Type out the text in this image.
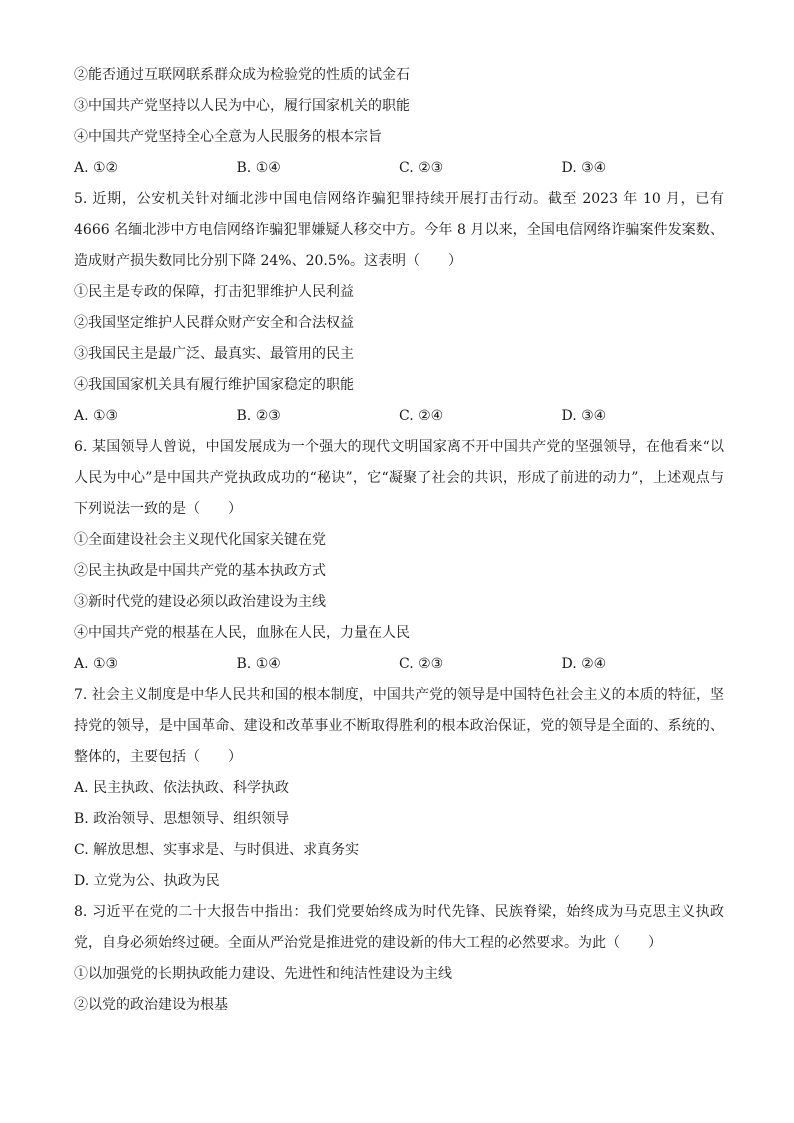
②能否通过互联网联系群众成为检验党的性质的试金石
③中国共产党坚持以人民为中心，履行国家机关的职能
④中国共产党坚持全心全意为人民服务的根本宗旨
A. ①②	B. ①④	C. ②③	D. ③④
5. 近期，公安机关针对缅北涉中国电信网络诈骗犯罪持续开展打击行动。截至 2023 年 10 月，已有 4666 名缅北涉中方电信网络诈骗犯罪嫌疑人移交中方。今年 8 月以来，全国电信网络诈骗案件发案数、造成财产损失数同比分别下降 24%、20.5%。这表明（　　）
①民主是专政的保障，打击犯罪维护人民利益
②我国坚定维护人民群众财产安全和合法权益
③我国民主是最广泛、最真实、最管用的民主
④我国国家机关具有履行维护国家稳定的职能
A. ①③	B. ②③	C. ②④	D. ③④
6. 某国领导人曾说，中国发展成为一个强大的现代文明国家离不开中国共产党的坚强领导，在他看来“以人民为中心”是中国共产党执政成功的“秘诀”，它“凝聚了社会的共识，形成了前进的动力”，上述观点与下列说法一致的是（　　）
①全面建设社会主义现代化国家关键在党
②民主执政是中国共产党的基本执政方式
③新时代党的建设必须以政治建设为主线
④中国共产党的根基在人民，血脉在人民，力量在人民
A. ①③	B. ①④	C. ②③	D. ②④
7. 社会主义制度是中华人民共和国的根本制度，中国共产党的领导是中国特色社会主义的本质的特征，坚持党的领导，是中国革命、建设和改革事业不断取得胜利的根本政治保证，党的领导是全面的、系统的、整体的，主要包括（　　）
A. 民主执政、依法执政、科学执政
B. 政治领导、思想领导、组织领导
C. 解放思想、实事求是、与时俱进、求真务实
D. 立党为公、执政为民
8. 习近平在党的二十大报告中指出：我们党要始终成为时代先锋、民族脊梁，始终成为马克思主义执政党，自身必须始终过硬。全面从严治党是推进党的建设新的伟大工程的必然要求。为此（　　）
①以加强党的长期执政能力建设、先进性和纯洁性建设为主线
②以党的政治建设为根基
